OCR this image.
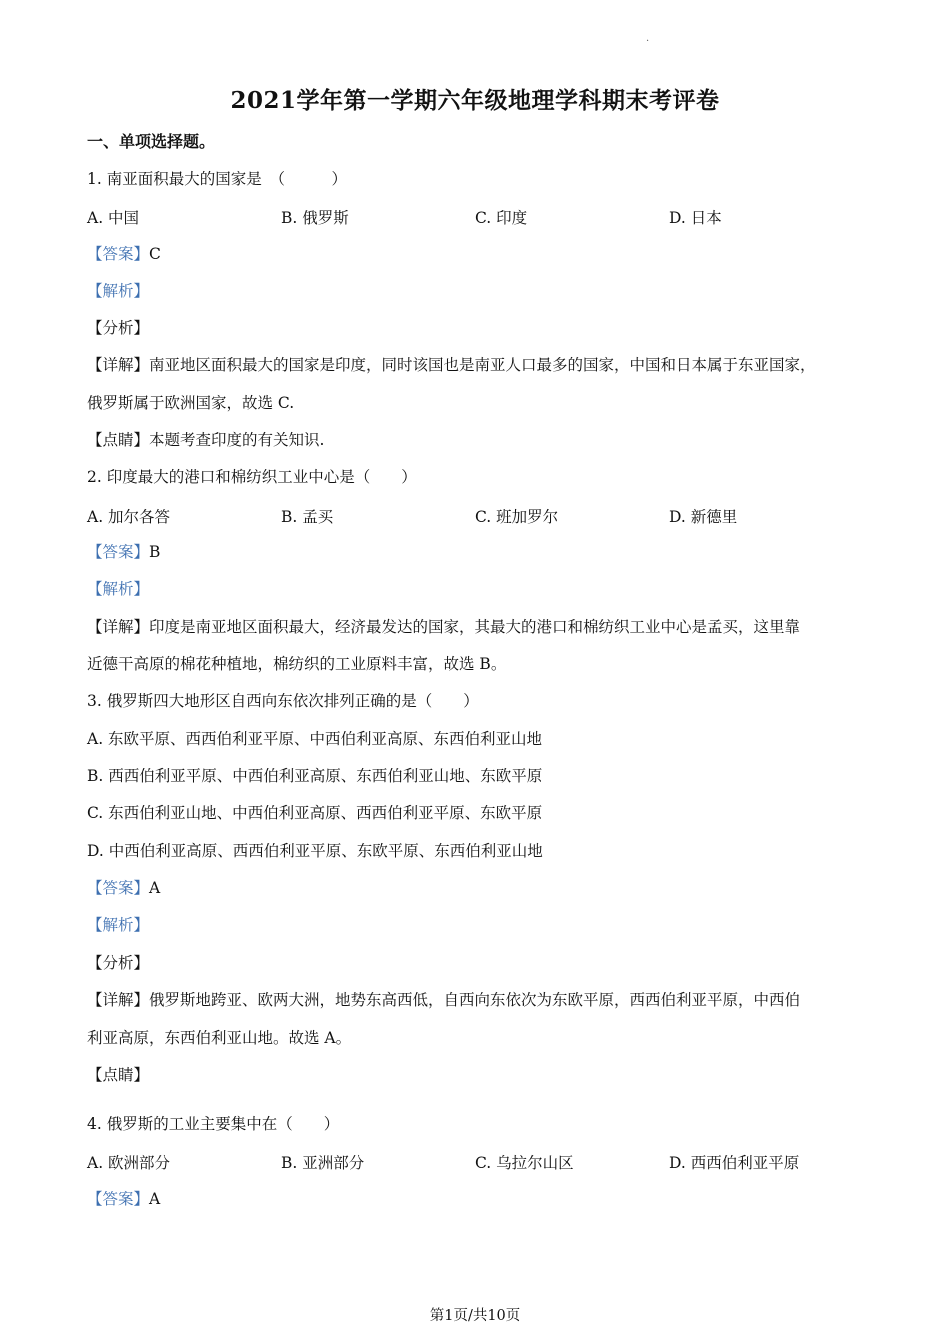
·
2021学年第一学期六年级地理学科期末考评卷
一、单项选择题。
1. 南亚面积最大的国家是　（　　　）
A. 中国	B. 俄罗斯	C. 印度	D. 日本
【答案】C
【解析】
【分析】
【详解】南亚地区面积最大的国家是印度，同时该国也是南亚人口最多的国家，中国和日本属于东亚国家，
俄罗斯属于欧洲国家，故选 C.
【点睛】本题考查印度的有关知识.
2. 印度最大的港口和棉纺织工业中心是（　　）
A. 加尔各答	B. 孟买	C. 班加罗尔	D. 新德里
【答案】B
【解析】
【详解】印度是南亚地区面积最大，经济最发达的国家，其最大的港口和棉纺织工业中心是孟买，这里靠
近德干高原的棉花种植地，棉纺织的工业原料丰富，故选 B。
3. 俄罗斯四大地形区自西向东依次排列正确的是（　　）
A. 东欧平原、西西伯利亚平原、中西伯利亚高原、东西伯利亚山地
B. 西西伯利亚平原、中西伯利亚高原、东西伯利亚山地、东欧平原
C. 东西伯利亚山地、中西伯利亚高原、西西伯利亚平原、东欧平原
D. 中西伯利亚高原、西西伯利亚平原、东欧平原、东西伯利亚山地
【答案】A
【解析】
【分析】
【详解】俄罗斯地跨亚、欧两大洲，地势东高西低，自西向东依次为东欧平原，西西伯利亚平原，中西伯
利亚高原，东西伯利亚山地。故选 A。
【点睛】
4. 俄罗斯的工业主要集中在（　　）
A. 欧洲部分	B. 亚洲部分	C. 乌拉尔山区	D. 西西伯利亚平原
【答案】A
第1页/共10页
